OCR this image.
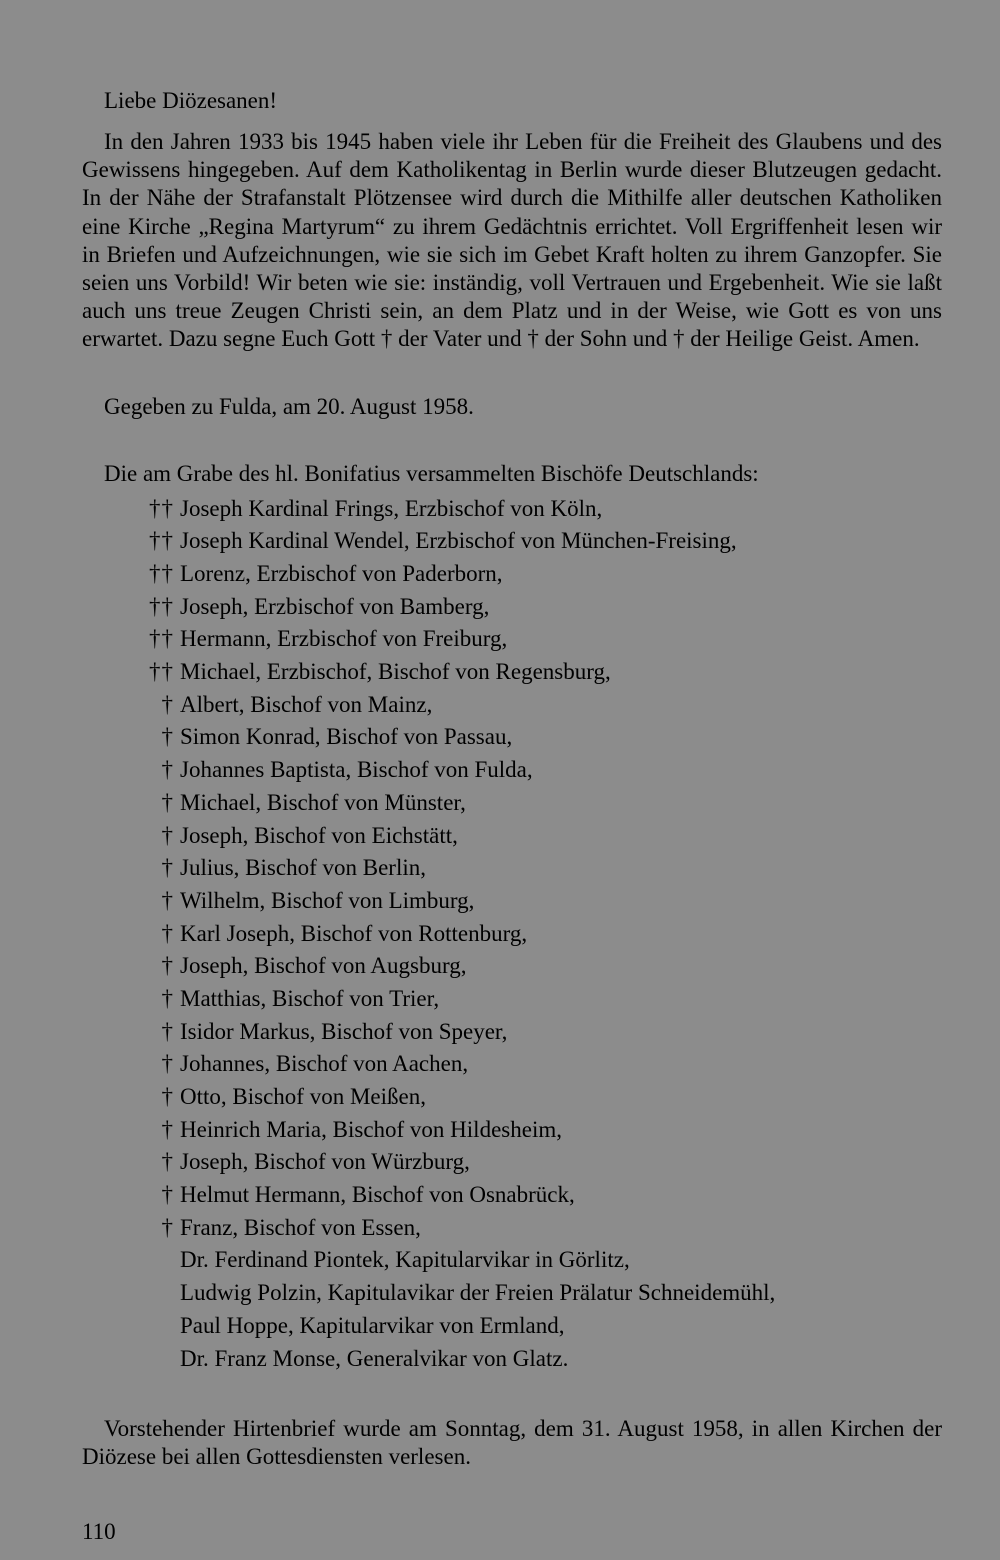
Liebe Diözesanen!

In den Jahren 1933 bis 1945 haben viele ihr Leben für die Freiheit des Glaubens und des Gewissens hingegeben. Auf dem Katholikentag in Berlin wurde dieser Blutzeugen gedacht. In der Nähe der Strafanstalt Plötzensee wird durch die Mithilfe aller deutschen Katholiken eine Kirche „Regina Martyrum“ zu ihrem Gedächtnis errichtet. Voll Ergriffenheit lesen wir in Briefen und Aufzeichnungen, wie sie sich im Gebet Kraft holten zu ihrem Ganzopfer. Sie seien uns Vorbild! Wir beten wie sie: inständig, voll Vertrauen und Ergebenheit. Wie sie laßt auch uns treue Zeugen Christi sein, an dem Platz und in der Weise, wie Gott es von uns erwartet. Dazu segne Euch Gott † der Vater und † der Sohn und † der Heilige Geist. Amen.

Gegeben zu Fulda, am 20. August 1958.

Die am Grabe des hl. Bonifatius versammelten Bischöfe Deutschlands:

†† Joseph Kardinal Frings, Erzbischof von Köln,
†† Joseph Kardinal Wendel, Erzbischof von München-Freising,
†† Lorenz, Erzbischof von Paderborn,
†† Joseph, Erzbischof von Bamberg,
†† Hermann, Erzbischof von Freiburg,
†† Michael, Erzbischof, Bischof von Regensburg,
† Albert, Bischof von Mainz,
† Simon Konrad, Bischof von Passau,
† Johannes Baptista, Bischof von Fulda,
† Michael, Bischof von Münster,
† Joseph, Bischof von Eichstätt,
† Julius, Bischof von Berlin,
† Wilhelm, Bischof von Limburg,
† Karl Joseph, Bischof von Rottenburg,
† Joseph, Bischof von Augsburg,
† Matthias, Bischof von Trier,
† Isidor Markus, Bischof von Speyer,
† Johannes, Bischof von Aachen,
† Otto, Bischof von Meißen,
† Heinrich Maria, Bischof von Hildesheim,
† Joseph, Bischof von Würzburg,
† Helmut Hermann, Bischof von Osnabrück,
† Franz, Bischof von Essen,
Dr. Ferdinand Piontek, Kapitularvikar in Görlitz,
Ludwig Polzin, Kapitulavikar der Freien Prälatur Schneidemühl,
Paul Hoppe, Kapitularvikar von Ermland,
Dr. Franz Monse, Generalvikar von Glatz.

Vorstehender Hirtenbrief wurde am Sonntag, dem 31. August 1958, in allen Kirchen der Diözese bei allen Gottesdiensten verlesen.

110
